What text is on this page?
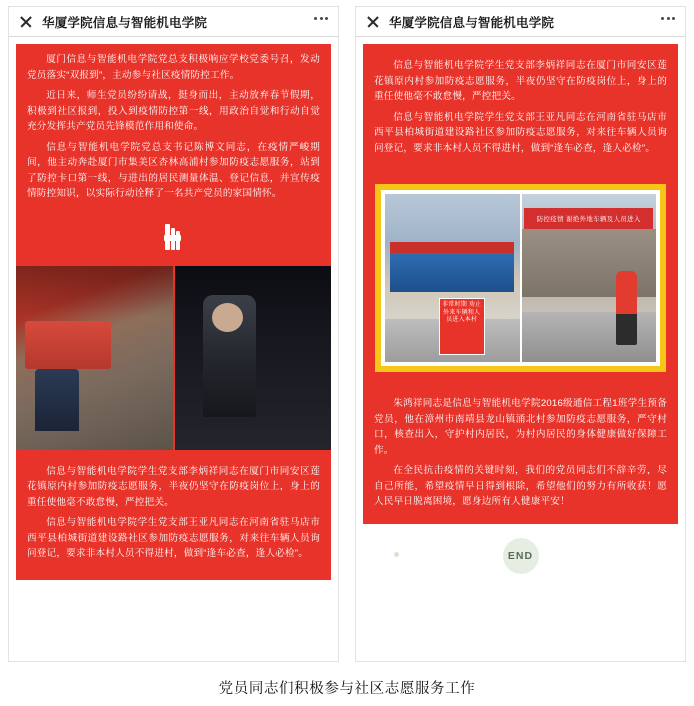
华厦学院信息与智能机电学院

厦门信息与智能机电学院党总支积极响应学校党委号召，发动党员落实“双报到”，主动参与社区疫情防控工作。

近日来，师生党员纷纷请战，挺身而出，主动放弃春节假期，积极到社区报到，投入到疫情防控第一线，用政治自觉和行动自觉充分发挥共产党员先锋模范作用和使命。

信息与智能机电学院党总支书记陈博文同志，在疫情严峻期间，他主动奔赴厦门市集美区杏林高浦村参加防疫志愿服务，站到了防控卡口第一线，与进出的居民测量体温、登记信息，并宣传疫情防控知识，以实际行动诠释了一名共产党员的家国情怀。

信息与智能机电学院学生党支部李炳祥同志在厦门市同安区莲花镇原内村参加防疫志愿服务，半夜仍坚守在防疫岗位上，身上的重任使他毫不敢怠慢，严控把关。

信息与智能机电学院学生党支部王亚凡同志在河南省驻马店市西平县柏城街道建设路社区参加防疫志愿服务，对来往车辆人员询问登记，要求非本村人员不得进村，做到“逢车必查，逢人必检”。

华厦学院信息与智能机电学院

信息与智能机电学院学生党支部李炳祥同志在厦门市同安区莲花镇原内村参加防疫志愿服务，半夜仍坚守在防疫岗位上，身上的重任使他毫不敢怠慢，严控把关。

信息与智能机电学院学生党支部王亚凡同志在河南省驻马店市西平县柏城街道建设路社区参加防疫志愿服务，对来往车辆人员询问登记，要求非本村人员不得进村，做到“逢车必查，逢人必检”。

非常时期 劝止外来车辆和人员进入本村
防控疫情 谢绝外地车辆及人员进入

朱鸿祥同志是信息与智能机电学院2016级通信工程1班学生预备党员，他在漳州市南靖县龙山镇涌北村参加防疫志愿服务，严守村口，核查出入，守护村内居民，为村内居民的身体健康做好保障工作。

在全民抗击疫情的关键时刻，我们的党员同志们不辞辛劳，尽自己所能，希望疫情早日得到根除，希望他们的努力有所收获！愿人民早日脱离困境，愿身边所有人健康平安！

END
党员同志们积极参与社区志愿服务工作
